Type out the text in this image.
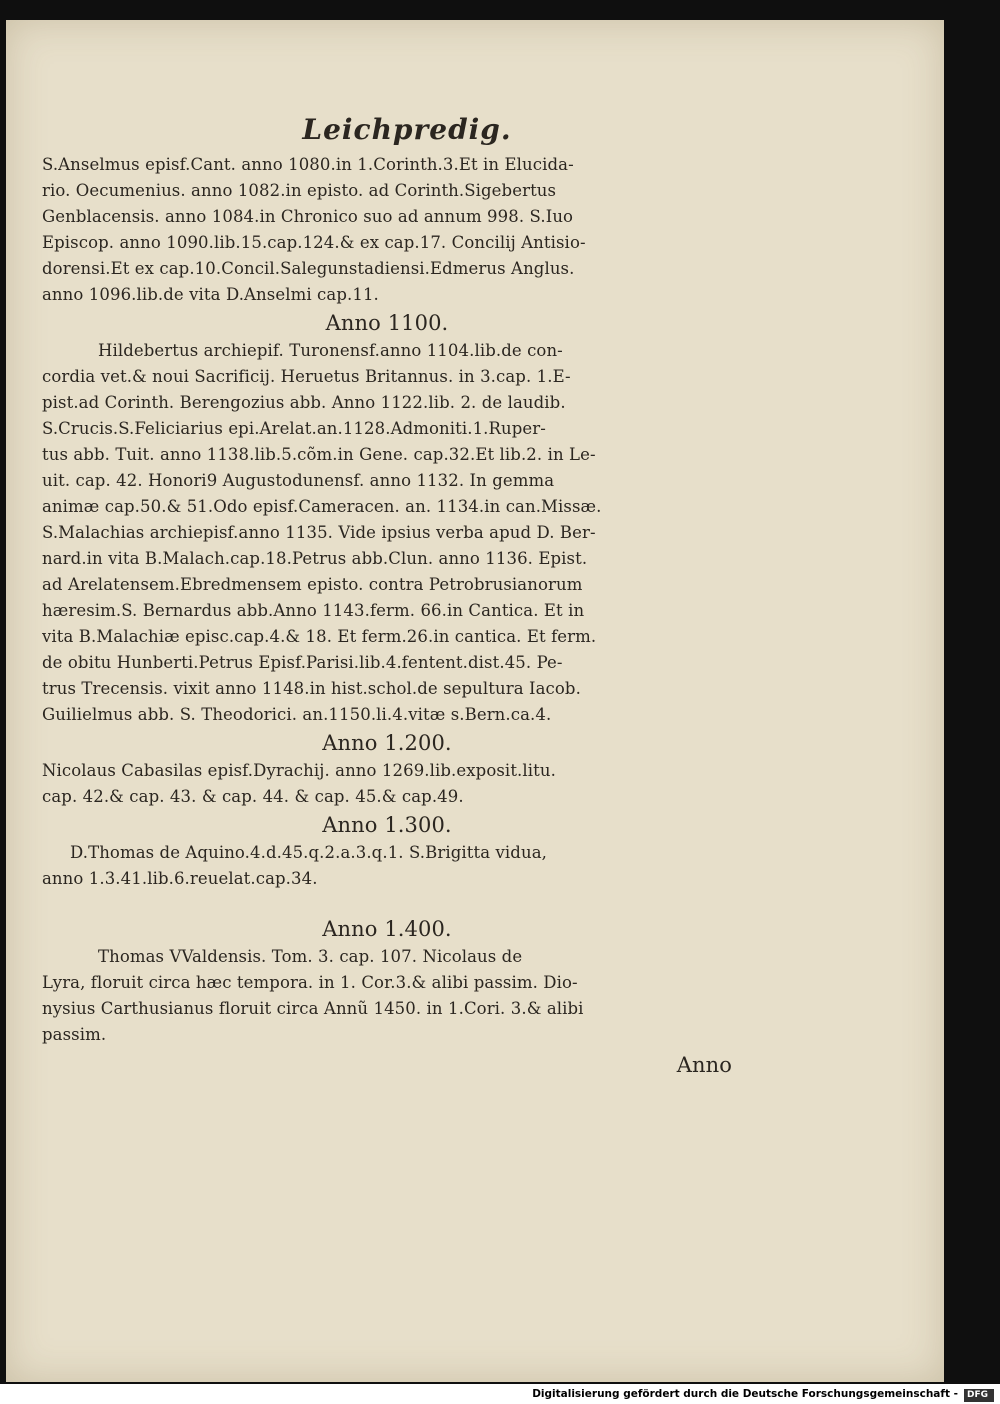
Leichpredig.
S.Anselmus episf.Cant. anno 1080.in 1.Corinth.3.Et in Elucida-
rio. Oecumenius. anno 1082.in episto. ad Corinth.Sigebertus
Genblacensis. anno 1084.in Chronico suo ad annum 998. S.Iuo
Episcop. anno 1090.lib.15.cap.124.& ex cap.17. Concilij Antisio-
dorensi.Et ex cap.10.Concil.Salegunstadiensi.Edmerus Anglus.
anno 1096.lib.de vita D.Anselmi cap.11.
Anno 1100.
Hildebertus archiepif. Turonensf.anno 1104.lib.de con-
cordia vet.& noui Sacrificij. Heruetus Britannus. in 3.cap. 1.E-
pist.ad Corinth. Berengozius abb. Anno 1122.lib. 2. de laudib.
S.Crucis.S.Feliciarius epi.Arelat.an.1128.Admoniti.1.Ruper-
tus abb. Tuit. anno 1138.lib.5.cõm.in Gene. cap.32.Et lib.2. in Le-
uit. cap. 42. Honori9 Augustodunensf. anno 1132. In gemma
animæ cap.50.& 51.Odo episf.Cameracen. an. 1134.in can.Missæ.
S.Malachias archiepisf.anno 1135. Vide ipsius verba apud D. Ber-
nard.in vita B.Malach.cap.18.Petrus abb.Clun. anno 1136. Epist.
ad Arelatensem.Ebredmensem episto. contra Petrobrusianorum
hæresim.S. Bernardus abb.Anno 1143.ferm. 66.in Cantica. Et in
vita B.Malachiæ episc.cap.4.& 18. Et ferm.26.in cantica. Et ferm.
de obitu Hunberti.Petrus Episf.Parisi.lib.4.fentent.dist.45. Pe-
trus Trecensis. vixit anno 1148.in hist.schol.de sepultura Iacob.
Guilielmus abb. S. Theodorici. an.1150.li.4.vitæ s.Bern.ca.4.
Anno 1.200.
Nicolaus Cabasilas episf.Dyrachij. anno 1269.lib.exposit.litu.
cap. 42.& cap. 43. & cap. 44. & cap. 45.& cap.49.
Anno 1.300.
D.Thomas de Aquino.4.d.45.q.2.a.3.q.1. S.Brigitta vidua,
anno 1.3.41.lib.6.reuelat.cap.34.
Anno 1.400.
Thomas VValdensis. Tom. 3. cap. 107. Nicolaus de
Lyra, floruit circa hæc tempora. in 1. Cor.3.& alibi passim. Dio-
nysius Carthusianus floruit circa Annũ 1450. in 1.Cori. 3.& alibi
passim.
Anno
Digitalisierung gefördert durch die Deutsche Forschungsgemeinschaft - DFG
